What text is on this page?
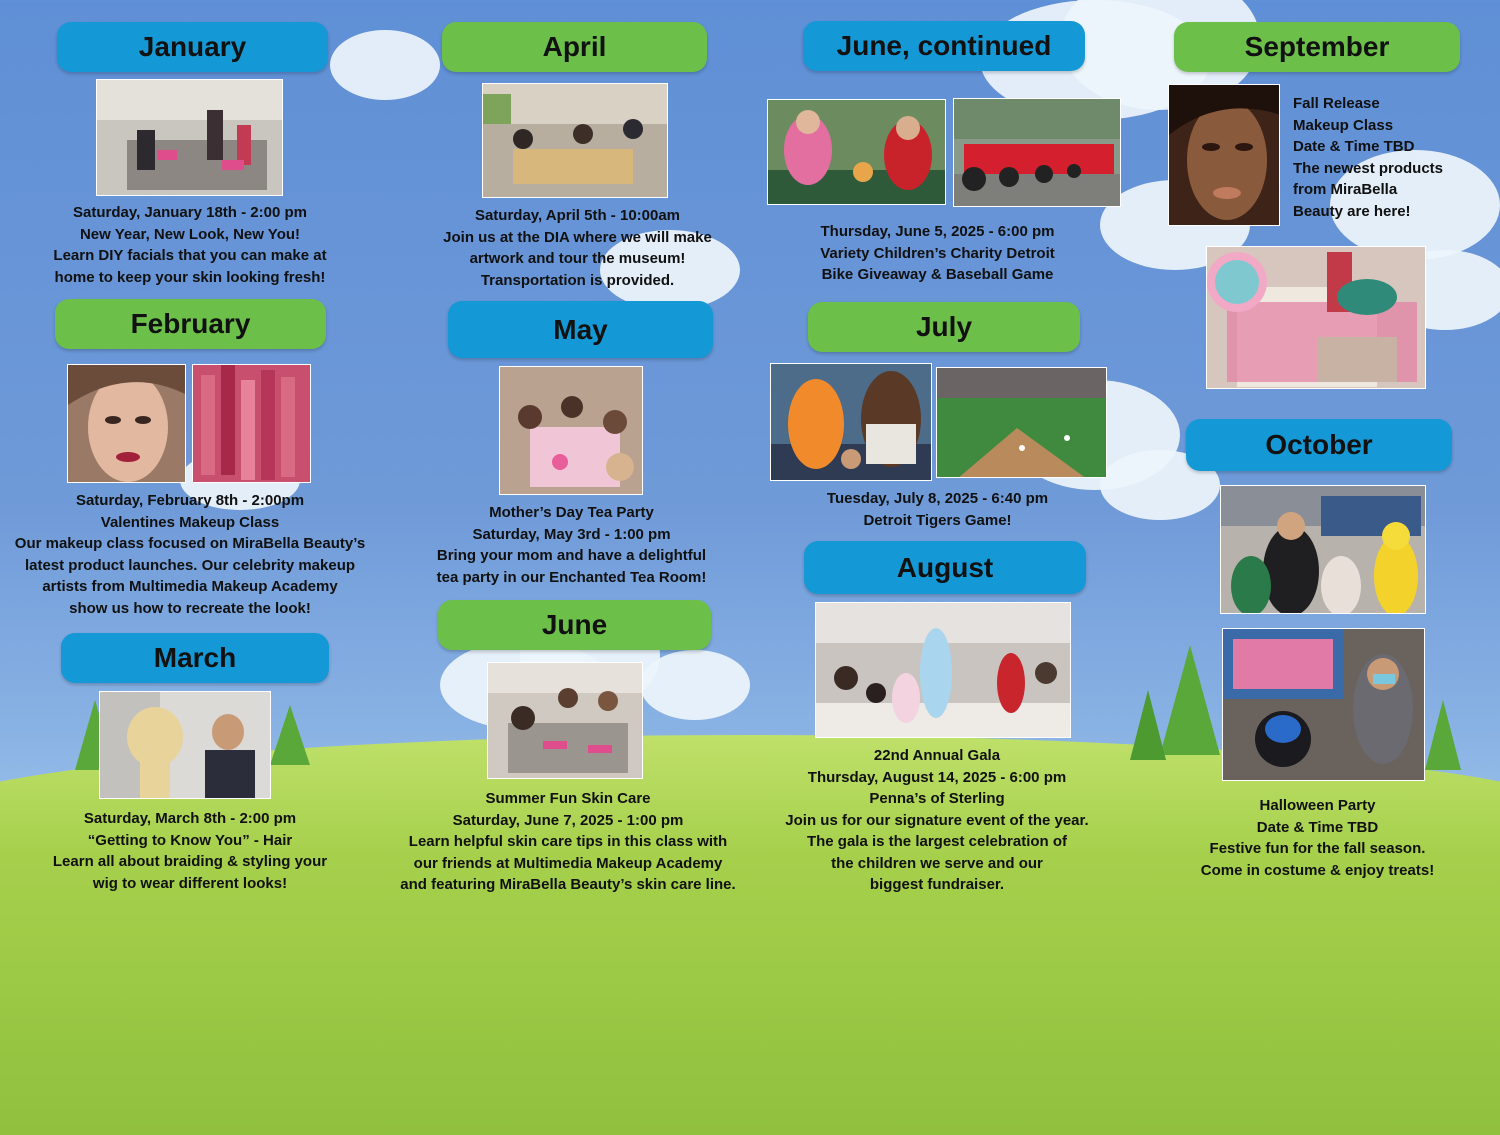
January
Saturday, January 18th - 2:00 pm
New Year, New Look, New You!
Learn DIY facials that you can make at
home to keep your skin looking fresh!
February
Saturday, February 8th - 2:00pm
Valentines Makeup Class
Our makeup class focused on MiraBella Beauty’s
latest product launches. Our celebrity makeup
artists from Multimedia Makeup Academy
show us how to recreate the look!
March
Saturday, March 8th - 2:00 pm
“Getting to Know You” - Hair
Learn all about braiding & styling your
wig to wear different looks!
April
Saturday, April 5th - 10:00am
Join us at the DIA where we will make
artwork and tour the museum!
Transportation is provided.
May
Mother’s Day Tea Party
Saturday, May 3rd - 1:00 pm
Bring your mom and have a delightful
tea party in our Enchanted Tea Room!
June
Summer Fun Skin Care
Saturday, June 7, 2025 - 1:00 pm
Learn helpful skin care tips in this class with
our friends at Multimedia Makeup Academy
and featuring MiraBella Beauty’s skin care line.
June, continued
Thursday, June 5, 2025 - 6:00 pm
Variety Children’s Charity Detroit
Bike Giveaway & Baseball Game
July
Tuesday, July 8, 2025 - 6:40 pm
Detroit Tigers Game!
August
22nd Annual Gala
Thursday, August 14, 2025 - 6:00 pm
Penna’s of Sterling
Join us for our signature event of the year.
The gala is the largest celebration of
the children we serve and our
biggest fundraiser.
September
Fall Release
Makeup Class
Date & Time TBD
The newest products
from MiraBella
Beauty are here!
October
Halloween Party
Date & Time TBD
Festive fun for the fall season.
Come in costume & enjoy treats!
